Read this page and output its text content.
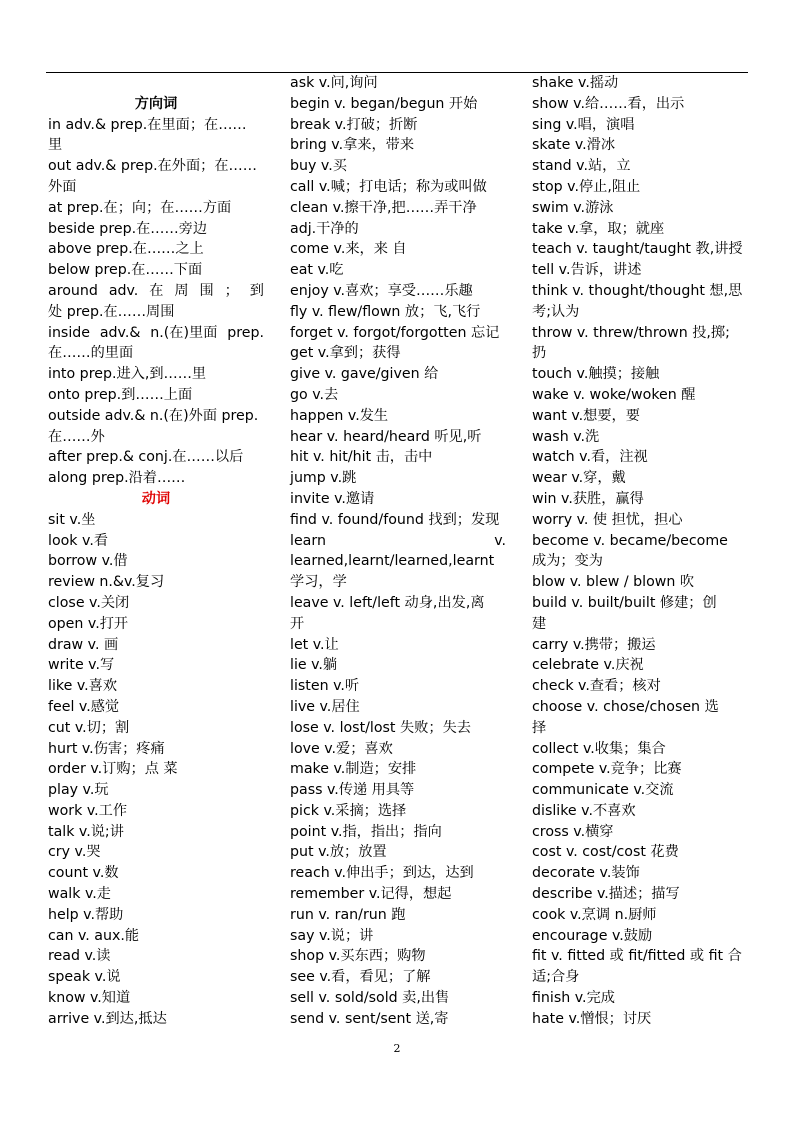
方向词
in adv.& prep.在里面；在……
里
out adv.& prep.在外面；在……
外面
at prep.在；向；在……方面
beside prep.在……旁边
above prep.在……之上
below prep.在……下面
around adv. 在 周 围 ； 到
处 prep.在……周围
inside adv.& n.(在)里面 prep.
在……的里面
into prep.进入,到……里
onto prep.到……上面
outside adv.& n.(在)外面 prep.
在……外
after prep.& conj.在……以后
along prep.沿着……
动词
sit v.坐
look v.看
borrow v.借
review n.&v.复习
close v.关闭
open v.打开
draw v. 画
write v.写
like v.喜欢
feel v.感觉
cut v.切；割
hurt v.伤害；疼痛
order v.订购；点 菜
play v.玩
work v.工作
talk v.说;讲
cry v.哭
count v.数
walk v.走
help v.帮助
can v. aux.能
read v.读
speak v.说
know v.知道
arrive v.到达,抵达
ask v.问,询问
begin v. began/begun 开始
break v.打破；折断
bring v.拿来，带来
buy v.买
call v.喊；打电话；称为或叫做
clean v.擦干净,把……弄干净
adj.干净的
come v.来，来 自
eat v.吃
enjoy v.喜欢；享受……乐趣
fly v. flew/flown 放；飞,飞行
forget v. forgot/forgotten 忘记
get v.拿到；获得
give v. gave/given 给
go v.去
happen v.发生
hear v. heard/heard 听见,听
hit v. hit/hit 击，击中
jump v.跳
invite v.邀请
find v. found/found 找到；发现
learn	v.
learned,learnt/learned,learnt
学习，学
leave v. left/left 动身,出发,离
开
let v.让
lie v.躺
listen v.听
live v.居住
lose v. lost/lost 失败；失去
love v.爱；喜欢
make v.制造；安排
pass v.传递 用具等
pick v.采摘；选择
point v.指，指出；指向
put v.放；放置
reach v.伸出手；到达，达到
remember v.记得，想起
run v. ran/run 跑
say v.说；讲
shop v.买东西；购物
see v.看，看见；了解
sell v. sold/sold 卖,出售
send v. sent/sent 送,寄
shake v.摇动
show v.给……看，出示
sing v.唱，演唱
skate v.滑冰
stand v.站，立
stop v.停止,阻止
swim v.游泳
take v.拿，取；就座
teach v. taught/taught 教,讲授
tell v.告诉，讲述
think v. thought/thought 想,思
考;认为
throw v. threw/thrown 投,掷;
扔
touch v.触摸；接触
wake v. woke/woken 醒
want v.想要，要
wash v.洗
watch v.看，注视
wear v.穿，戴
win v.获胜，赢得
worry v. 使 担忧，担心
become v. became/become
成为；变为
blow v. blew / blown 吹
build v. built/built 修建；创
建
carry v.携带；搬运
celebrate v.庆祝
check v.查看；核对
choose v. chose/chosen 选
择
collect v.收集；集合
compete v.竞争；比赛
communicate v.交流
dislike v.不喜欢
cross v.横穿
cost v. cost/cost 花费
decorate v.装饰
describe v.描述；描写
cook v.烹调 n.厨师
encourage v.鼓励
fit v. fitted 或 fit/fitted 或 fit 合
适;合身
finish v.完成
hate v.憎恨；讨厌
2
